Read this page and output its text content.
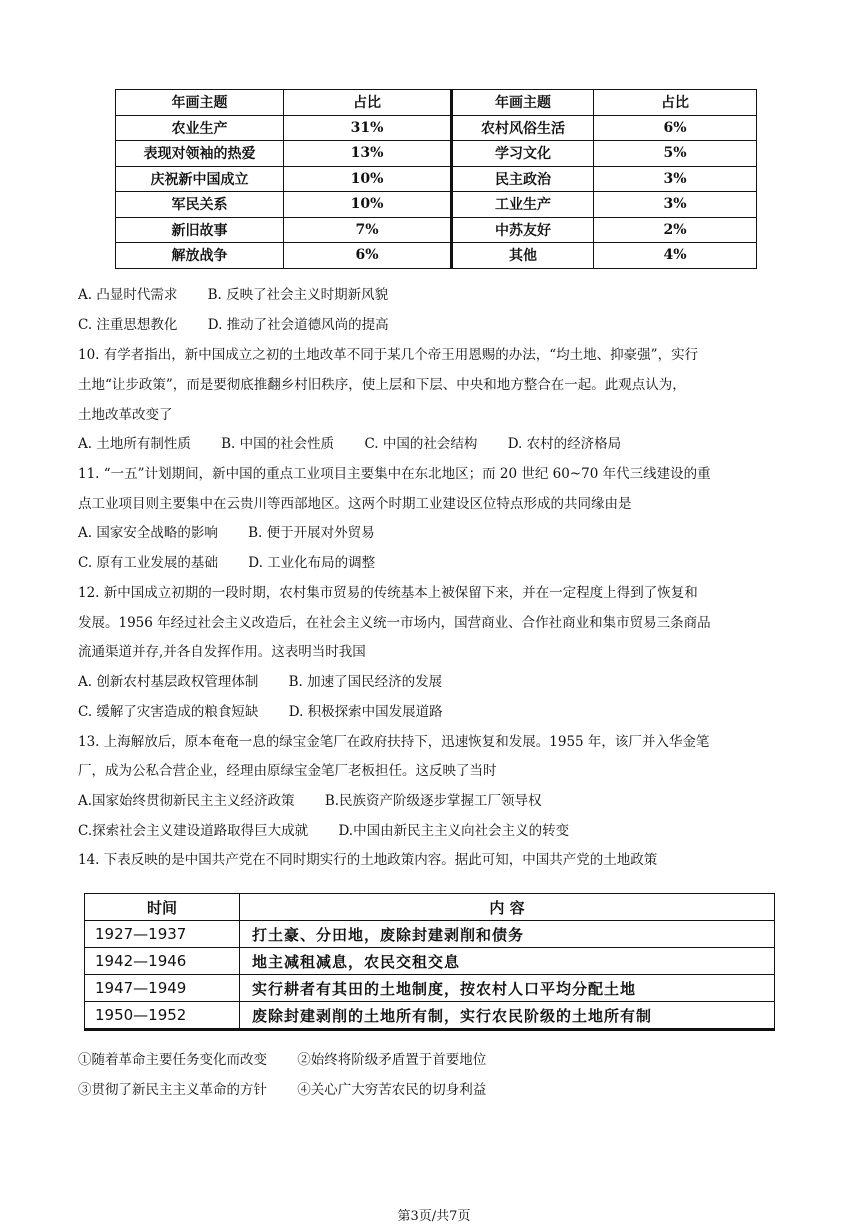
年画主题	占比	年画主题	占比
农业生产	31%	农村风俗生活	6%
表现对领袖的热爱	13%	学习文化	5%
庆祝新中国成立	10%	民主政治	3%
军民关系	10%	工业生产	3%
新旧故事	7%	中苏友好	2%
解放战争	6%	其他	4%
A. 凸显时代需求 B. 反映了社会主义时期新风貌
C. 注重思想教化 D. 推动了社会道德风尚的提高
10. 有学者指出，新中国成立之初的土地改革不同于某几个帝王用恩赐的办法，“均土地、抑豪强”，实行
土地“让步政策”，而是要彻底推翻乡村旧秩序，使上层和下层、中央和地方整合在一起。此观点认为，
土地改革改变了
A. 土地所有制性质 B. 中国的社会性质 C. 中国的社会结构 D. 农村的经济格局
11. “一五”计划期间，新中国的重点工业项目主要集中在东北地区；而 20 世纪 60~70 年代三线建设的重
点工业项目则主要集中在云贵川等西部地区。这两个时期工业建设区位特点形成的共同缘由是
A. 国家安全战略的影响 B. 便于开展对外贸易
C. 原有工业发展的基础 D. 工业化布局的调整
12. 新中国成立初期的一段时期，农村集市贸易的传统基本上被保留下来，并在一定程度上得到了恢复和
发展。1956 年经过社会主义改造后，在社会主义统一市场内，国营商业、合作社商业和集市贸易三条商品
流通渠道并存,并各自发挥作用。这表明当时我国
A. 创新农村基层政权管理体制 B. 加速了国民经济的发展
C. 缓解了灾害造成的粮食短缺 D. 积极探索中国发展道路
13. 上海解放后，原本奄奄一息的绿宝金笔厂在政府扶持下，迅速恢复和发展。1955 年，该厂并入华金笔
厂，成为公私合营企业，经理由原绿宝金笔厂老板担任。这反映了当时
A.国家始终贯彻新民主主义经济政策 B.民族资产阶级逐步掌握工厂领导权
C.探索社会主义建设道路取得巨大成就 D.中国由新民主主义向社会主义的转变
14. 下表反映的是中国共产党在不同时期实行的土地政策内容。据此可知，中国共产党的土地政策
时间	内 容
1927—1937	打土豪、分田地，废除封建剥削和债务
1942—1946	地主减租减息，农民交租交息
1947—1949	实行耕者有其田的土地制度，按农村人口平均分配土地
1950—1952	废除封建剥削的土地所有制，实行农民阶级的土地所有制
①随着革命主要任务变化而改变 ②始终将阶级矛盾置于首要地位
③贯彻了新民主主义革命的方针 ④关心广大穷苦农民的切身利益
第3页/共7页
